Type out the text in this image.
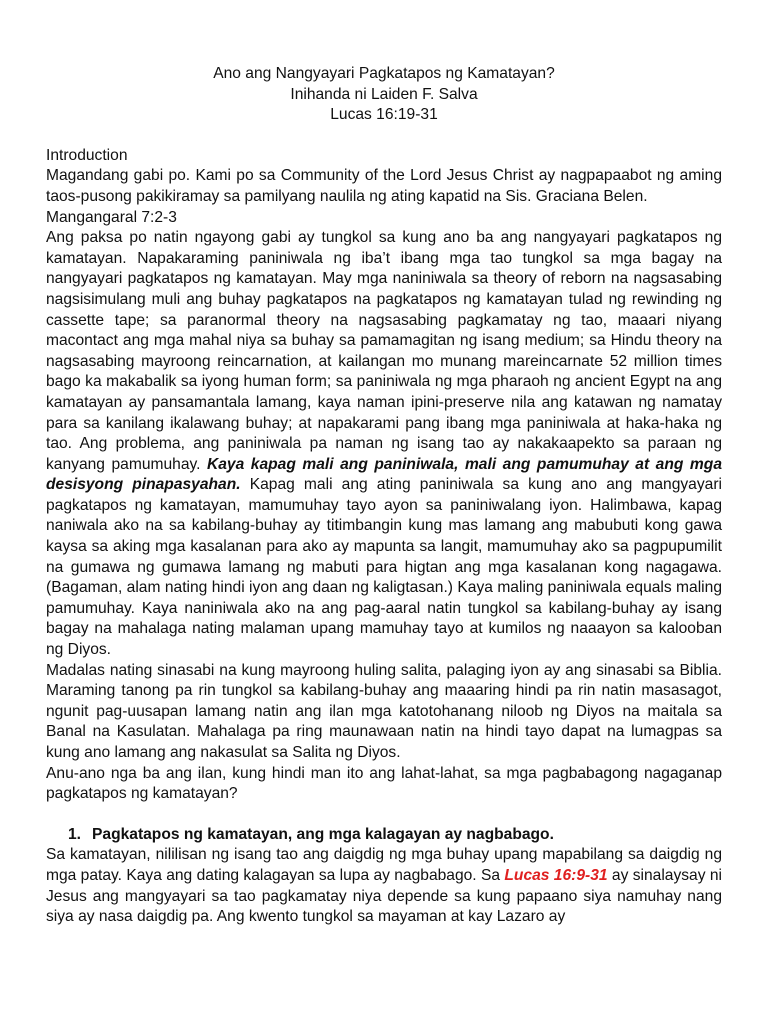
Ano ang Nangyayari Pagkatapos ng Kamatayan?
Inihanda ni Laiden F. Salva
Lucas 16:19-31

Introduction

Magandang gabi po. Kami po sa Community of the Lord Jesus Christ ay nagpapaabot ng aming taos-pusong pakikiramay sa pamilyang naulila ng ating kapatid na Sis. Graciana Belen.

Mangangaral 7:2-3

Ang paksa po natin ngayong gabi ay tungkol sa kung ano ba ang nangyayari pagkatapos ng kamatayan. Napakaraming paniniwala ng iba’t ibang mga tao tungkol sa mga bagay na nangyayari pagkatapos ng kamatayan. May mga naniniwala sa theory of reborn na nagsasabing nagsisimulang muli ang buhay pagkatapos na pagkatapos ng kamatayan tulad ng rewinding ng cassette tape; sa paranormal theory na nagsasabing pagkamatay ng tao, maaari niyang macontact ang mga mahal niya sa buhay sa pamamagitan ng isang medium; sa Hindu theory na nagsasabing mayroong reincarnation, at kailangan mo munang mareincarnate 52 million times bago ka makabalik sa iyong human form; sa paniniwala ng mga pharaoh ng ancient Egypt na ang kamatayan ay pansamantala lamang, kaya naman ipini-preserve nila ang katawan ng namatay para sa kanilang ikalawang buhay; at napakarami pang ibang mga paniniwala at haka-haka ng tao. Ang problema, ang paniniwala pa naman ng isang tao ay nakakaapekto sa paraan ng kanyang pamumuhay. Kaya kapag mali ang paniniwala, mali ang pamumuhay at ang mga desisyong pinapasyahan. Kapag mali ang ating paniniwala sa kung ano ang mangyayari pagkatapos ng kamatayan, mamumuhay tayo ayon sa paniniwalang iyon. Halimbawa, kapag naniwala ako na sa kabilang-buhay ay titimbangin kung mas lamang ang mabubuti kong gawa kaysa sa aking mga kasalanan para ako ay mapunta sa langit, mamumuhay ako sa pagpupumilit na gumawa ng gumawa lamang ng mabuti para higtan ang mga kasalanan kong nagagawa. (Bagaman, alam nating hindi iyon ang daan ng kaligtasan.) Kaya maling paniniwala equals maling pamumuhay. Kaya naniniwala ako na ang pag-aaral natin tungkol sa kabilang-buhay ay isang bagay na mahalaga nating malaman upang mamuhay tayo at kumilos ng naaayon sa kalooban ng Diyos.

Madalas nating sinasabi na kung mayroong huling salita, palaging iyon ay ang sinasabi sa Biblia. Maraming tanong pa rin tungkol sa kabilang-buhay ang maaaring hindi pa rin natin masasagot, ngunit pag-uusapan lamang natin ang ilan mga katotohanang niloob ng Diyos na maitala sa Banal na Kasulatan. Mahalaga pa ring maunawaan natin na hindi tayo dapat na lumagpas sa kung ano lamang ang nakasulat sa Salita ng Diyos.

Anu-ano nga ba ang ilan, kung hindi man ito ang lahat-lahat, sa mga pagbabagong nagaganap pagkatapos ng kamatayan?

1. Pagkatapos ng kamatayan, ang mga kalagayan ay nagbabago.

Sa kamatayan, nililisan ng isang tao ang daigdig ng mga buhay upang mapabilang sa daigdig ng mga patay. Kaya ang dating kalagayan sa lupa ay nagbabago. Sa Lucas 16:9-31 ay sinalaysay ni Jesus ang mangyayari sa tao pagkamatay niya depende sa kung papaano siya namuhay nang siya ay nasa daigdig pa. Ang kwento tungkol sa mayaman at kay Lazaro ay
